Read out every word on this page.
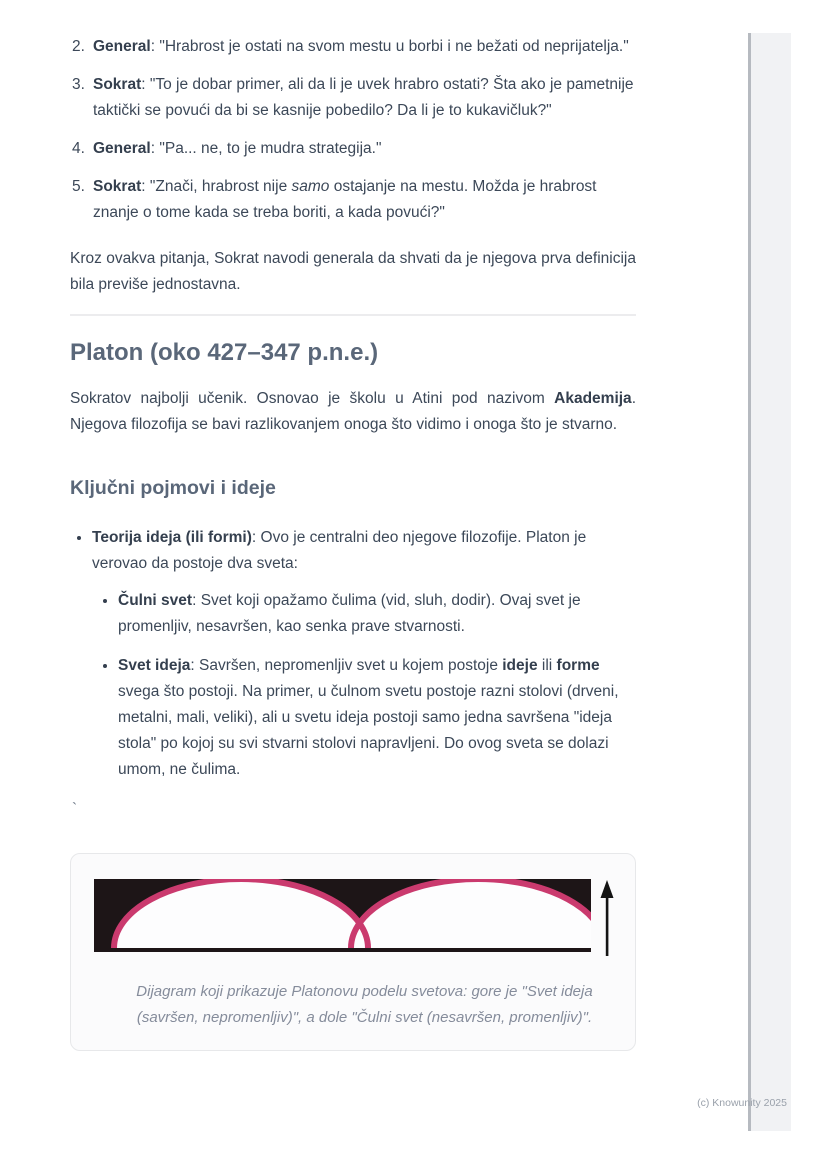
2. General: "Hrabrost je ostati na svom mestu u borbi i ne bežati od neprijatelja."
3. Sokrat: "To je dobar primer, ali da li je uvek hrabro ostati? Šta ako je pametnije taktički se povući da bi se kasnije pobedilo? Da li je to kukavičluk?"
4. General: "Pa... ne, to je mudra strategija."
5. Sokrat: "Znači, hrabrost nije samo ostajanje na mestu. Možda je hrabrost znanje o tome kada se treba boriti, a kada povući?"

Kroz ovakva pitanja, Sokrat navodi generala da shvati da je njegova prva definicija bila previše jednostavna.

Platon (oko 427–347 p.n.e.)

Sokratov najbolji učenik. Osnovao je školu u Atini pod nazivom Akademija. Njegova filozofija se bavi razlikovanjem onoga što vidimo i onoga što je stvarno.

Ključni pojmovi i ideje
• Teorija ideja (ili formi): Ovo je centralni deo njegove filozofije. Platon je verovao da postoje dva sveta:
• Čulni svet: Svet koji opažamo čulima (vid, sluh, dodir). Ovaj svet je promenljiv, nesavršen, kao senka prave stvarnosti.
• Svet ideja: Savršen, nepromenljiv svet u kojem postoje ideje ili forme svega što postoji. Na primer, u čulnom svetu postoje razni stolovi (drveni, metalni, mali, veliki), ali u svetu ideja postoji samo jedna savršena "ideja stola" po kojoj su svi stvarni stolovi napravljeni. Do ovog sveta se dolazi umom, ne čulima.

`

Dijagram koji prikazuje Platonovu podelu svetova: gore je "Svet ideja (savršen, nepromenljiv)", a dole "Čulni svet (nesavršen, promenljiv)".
(c) Knowunity 2025
